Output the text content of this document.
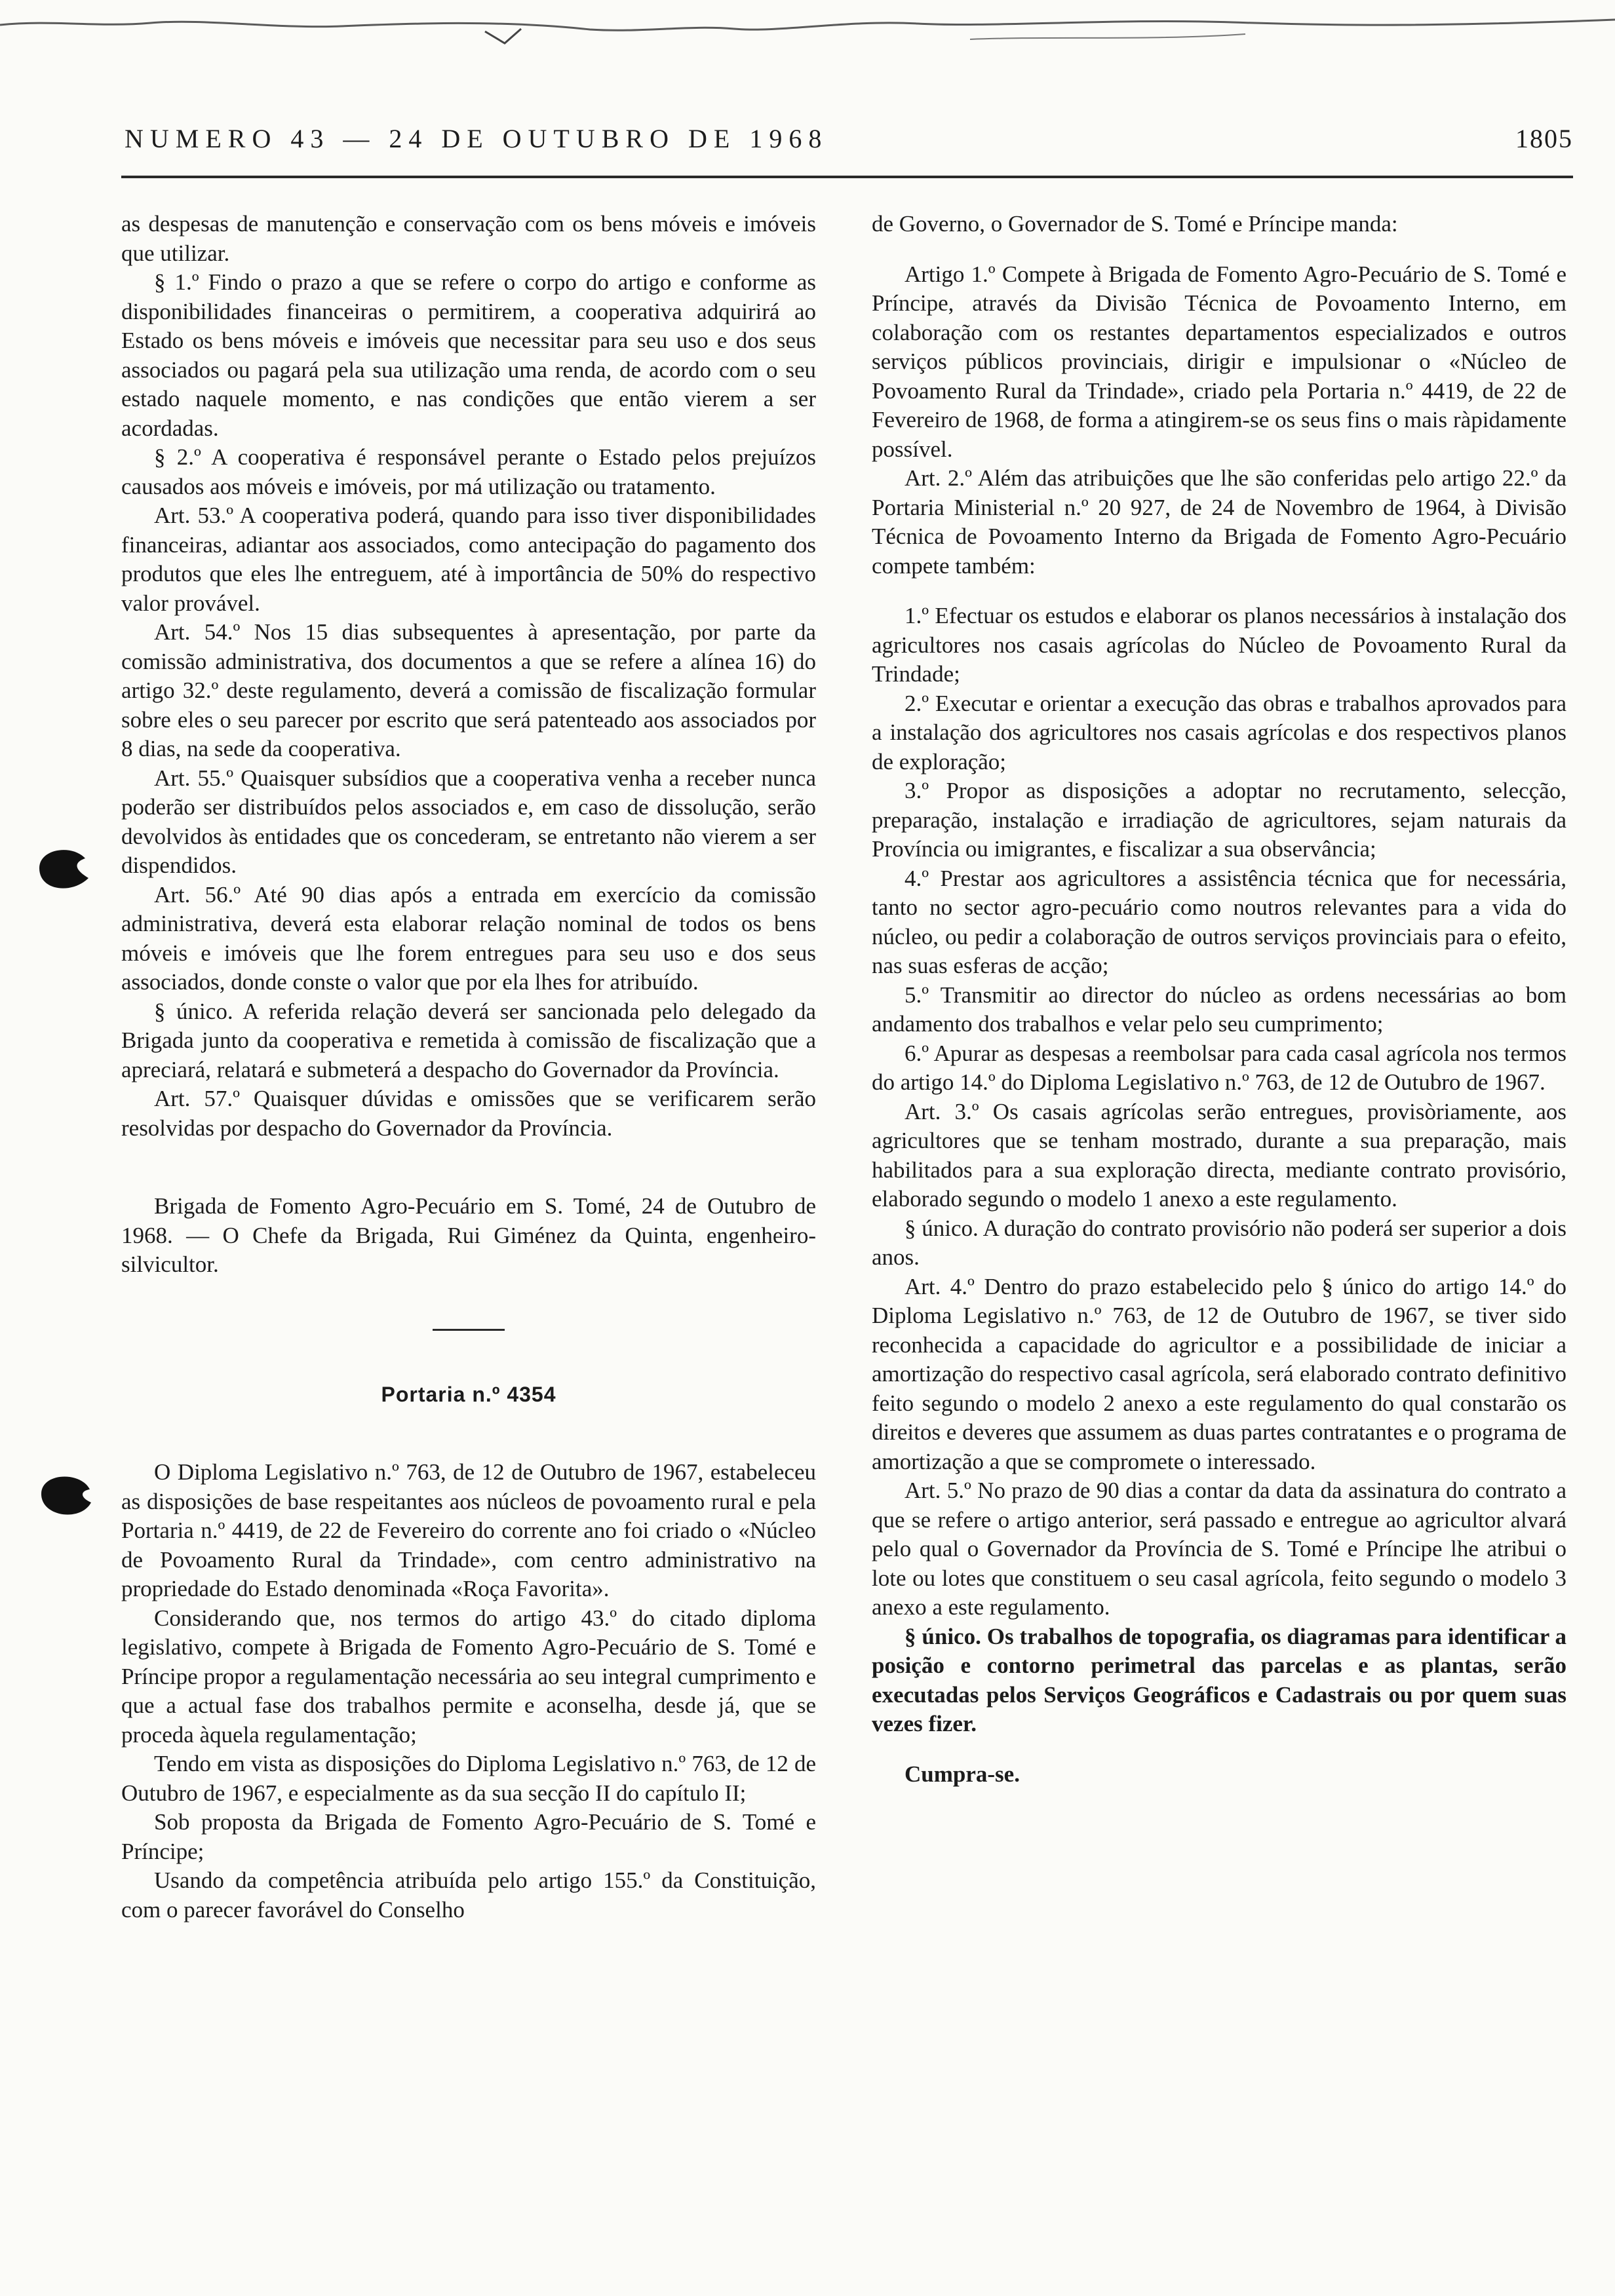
NUMERO 43 — 24 DE OUTUBRO DE 1968	1805

as despesas de manutenção e conservação com os bens móveis e imóveis que utilizar.

§ 1.º Findo o prazo a que se refere o corpo do artigo e conforme as disponibilidades financeiras o permitirem, a cooperativa adquirirá ao Estado os bens móveis e imóveis que necessitar para seu uso e dos seus associados ou pagará pela sua utilização uma renda, de acordo com o seu estado naquele momento, e nas condições que então vierem a ser acordadas.

§ 2.º A cooperativa é responsável perante o Estado pelos prejuízos causados aos móveis e imóveis, por má utilização ou tratamento.

Art. 53.º A cooperativa poderá, quando para isso tiver disponibilidades financeiras, adiantar aos associados, como antecipação do pagamento dos produtos que eles lhe entreguem, até à importância de 50% do respectivo valor provável.

Art. 54.º Nos 15 dias subsequentes à apresentação, por parte da comissão administrativa, dos documentos a que se refere a alínea 16) do artigo 32.º deste regulamento, deverá a comissão de fiscalização formular sobre eles o seu parecer por escrito que será patenteado aos associados por 8 dias, na sede da cooperativa.

Art. 55.º Quaisquer subsídios que a cooperativa venha a receber nunca poderão ser distribuídos pelos associados e, em caso de dissolução, serão devolvidos às entidades que os concederam, se entretanto não vierem a ser dispendidos.

Art. 56.º Até 90 dias após a entrada em exercício da comissão administrativa, deverá esta elaborar relação nominal de todos os bens móveis e imóveis que lhe forem entregues para seu uso e dos seus associados, donde conste o valor que por ela lhes for atribuído.

§ único. A referida relação deverá ser sancionada pelo delegado da Brigada junto da cooperativa e remetida à comissão de fiscalização que a apreciará, relatará e submeterá a despacho do Governador da Província.

Art. 57.º Quaisquer dúvidas e omissões que se verificarem serão resolvidas por despacho do Governador da Província.

Brigada de Fomento Agro-Pecuário em S. Tomé, 24 de Outubro de 1968. — O Chefe da Brigada, Rui Giménez da Quinta, engenheiro-silvicultor.

Portaria n.º 4354

O Diploma Legislativo n.º 763, de 12 de Outubro de 1967, estabeleceu as disposições de base respeitantes aos núcleos de povoamento rural e pela Portaria n.º 4419, de 22 de Fevereiro do corrente ano foi criado o «Núcleo de Povoamento Rural da Trindade», com centro administrativo na propriedade do Estado denominada «Roça Favorita».

Considerando que, nos termos do artigo 43.º do citado diploma legislativo, compete à Brigada de Fomento Agro-Pecuário de S. Tomé e Príncipe propor a regulamentação necessária ao seu integral cumprimento e que a actual fase dos trabalhos permite e aconselha, desde já, que se proceda àquela regulamentação;

Tendo em vista as disposições do Diploma Legislativo n.º 763, de 12 de Outubro de 1967, e especialmente as da sua secção II do capítulo II;

Sob proposta da Brigada de Fomento Agro-Pecuário de S. Tomé e Príncipe;

Usando da competência atribuída pelo artigo 155.º da Constituição, com o parecer favorável do Conselho

de Governo, o Governador de S. Tomé e Príncipe manda:

Artigo 1.º Compete à Brigada de Fomento Agro-Pecuário de S. Tomé e Príncipe, através da Divisão Técnica de Povoamento Interno, em colaboração com os restantes departamentos especializados e outros serviços públicos provinciais, dirigir e impulsionar o «Núcleo de Povoamento Rural da Trindade», criado pela Portaria n.º 4419, de 22 de Fevereiro de 1968, de forma a atingirem-se os seus fins o mais ràpidamente possível.

Art. 2.º Além das atribuições que lhe são conferidas pelo artigo 22.º da Portaria Ministerial n.º 20 927, de 24 de Novembro de 1964, à Divisão Técnica de Povoamento Interno da Brigada de Fomento Agro-Pecuário compete também:

1.º Efectuar os estudos e elaborar os planos necessários à instalação dos agricultores nos casais agrícolas do Núcleo de Povoamento Rural da Trindade;

2.º Executar e orientar a execução das obras e trabalhos aprovados para a instalação dos agricultores nos casais agrícolas e dos respectivos planos de exploração;

3.º Propor as disposições a adoptar no recrutamento, selecção, preparação, instalação e irradiação de agricultores, sejam naturais da Província ou imigrantes, e fiscalizar a sua observância;

4.º Prestar aos agricultores a assistência técnica que for necessária, tanto no sector agro-pecuário como noutros relevantes para a vida do núcleo, ou pedir a colaboração de outros serviços provinciais para o efeito, nas suas esferas de acção;

5.º Transmitir ao director do núcleo as ordens necessárias ao bom andamento dos trabalhos e velar pelo seu cumprimento;

6.º Apurar as despesas a reembolsar para cada casal agrícola nos termos do artigo 14.º do Diploma Legislativo n.º 763, de 12 de Outubro de 1967.

Art. 3.º Os casais agrícolas serão entregues, provisòriamente, aos agricultores que se tenham mostrado, durante a sua preparação, mais habilitados para a sua exploração directa, mediante contrato provisório, elaborado segundo o modelo 1 anexo a este regulamento.

§ único. A duração do contrato provisório não poderá ser superior a dois anos.

Art. 4.º Dentro do prazo estabelecido pelo § único do artigo 14.º do Diploma Legislativo n.º 763, de 12 de Outubro de 1967, se tiver sido reconhecida a capacidade do agricultor e a possibilidade de iniciar a amortização do respectivo casal agrícola, será elaborado contrato definitivo feito segundo o modelo 2 anexo a este regulamento do qual constarão os direitos e deveres que assumem as duas partes contratantes e o programa de amortização a que se compromete o interessado.

Art. 5.º No prazo de 90 dias a contar da data da assinatura do contrato a que se refere o artigo anterior, será passado e entregue ao agricultor alvará pelo qual o Governador da Província de S. Tomé e Príncipe lhe atribui o lote ou lotes que constituem o seu casal agrícola, feito segundo o modelo 3 anexo a este regulamento.

§ único. Os trabalhos de topografia, os diagramas para identificar a posição e contorno perimetral das parcelas e as plantas, serão executadas pelos Serviços Geográficos e Cadastrais ou por quem suas vezes fizer.

Cumpra-se.
